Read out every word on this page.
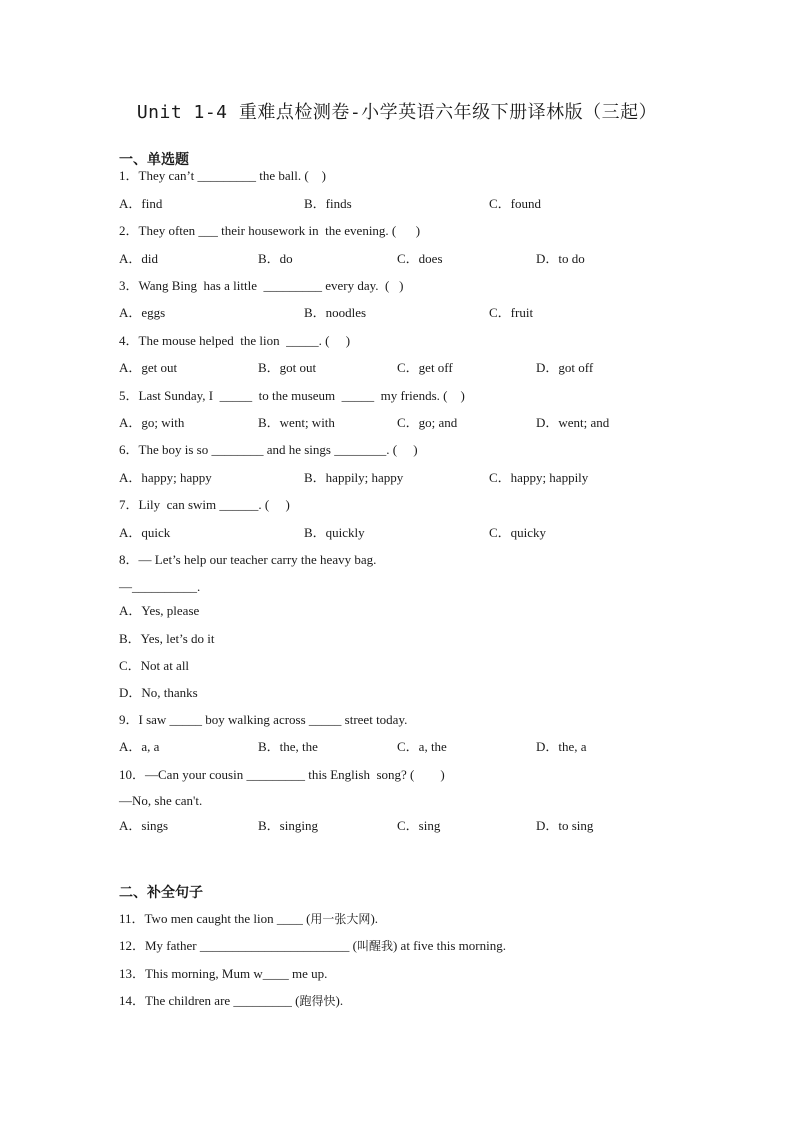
Unit 1-4 重难点检测卷-小学英语六年级下册译林版（三起）
一、单选题
1．They can’t _________ the ball. (    )
A．find	B．finds	C．found
2．They often ___ their housework in  the evening. (      )
A．did	B．do	C．does	D．to do
3．Wang Bing  has a little  _________ every day.  (   )
A．eggs	B．noodles	C．fruit
4．The mouse helped  the lion  _____. (     )
A．get out	B．got out	C．get off	D．got off
5．Last Sunday, I  _____  to the museum  _____  my friends. (    )
A．go; with	B．went; with	C．go; and	D．went; and
6．The boy is so ________ and he sings ________. (     )
A．happy; happy	B．happily; happy	C．happy; happily
7．Lily  can swim ______. (     )
A．quick	B．quickly	C．quicky
8．— Let’s help our teacher carry the heavy bag.
—__________.
A．Yes, please
B．Yes, let’s do it
C．Not at all
D．No, thanks
9．I saw _____ boy walking across _____ street today.
A．a, a	B．the, the	C．a, the	D．the, a
10．—Can your cousin _________ this English  song? (        )
—No, she can't.
A．sings	B．singing	C．sing	D．to sing
二、补全句子
11．Two men caught the lion ____ (用一张大网).
12．My father _______________________ (叫醒我) at five this morning.
13．This morning, Mum w____ me up.
14．The children are _________ (跑得快).
